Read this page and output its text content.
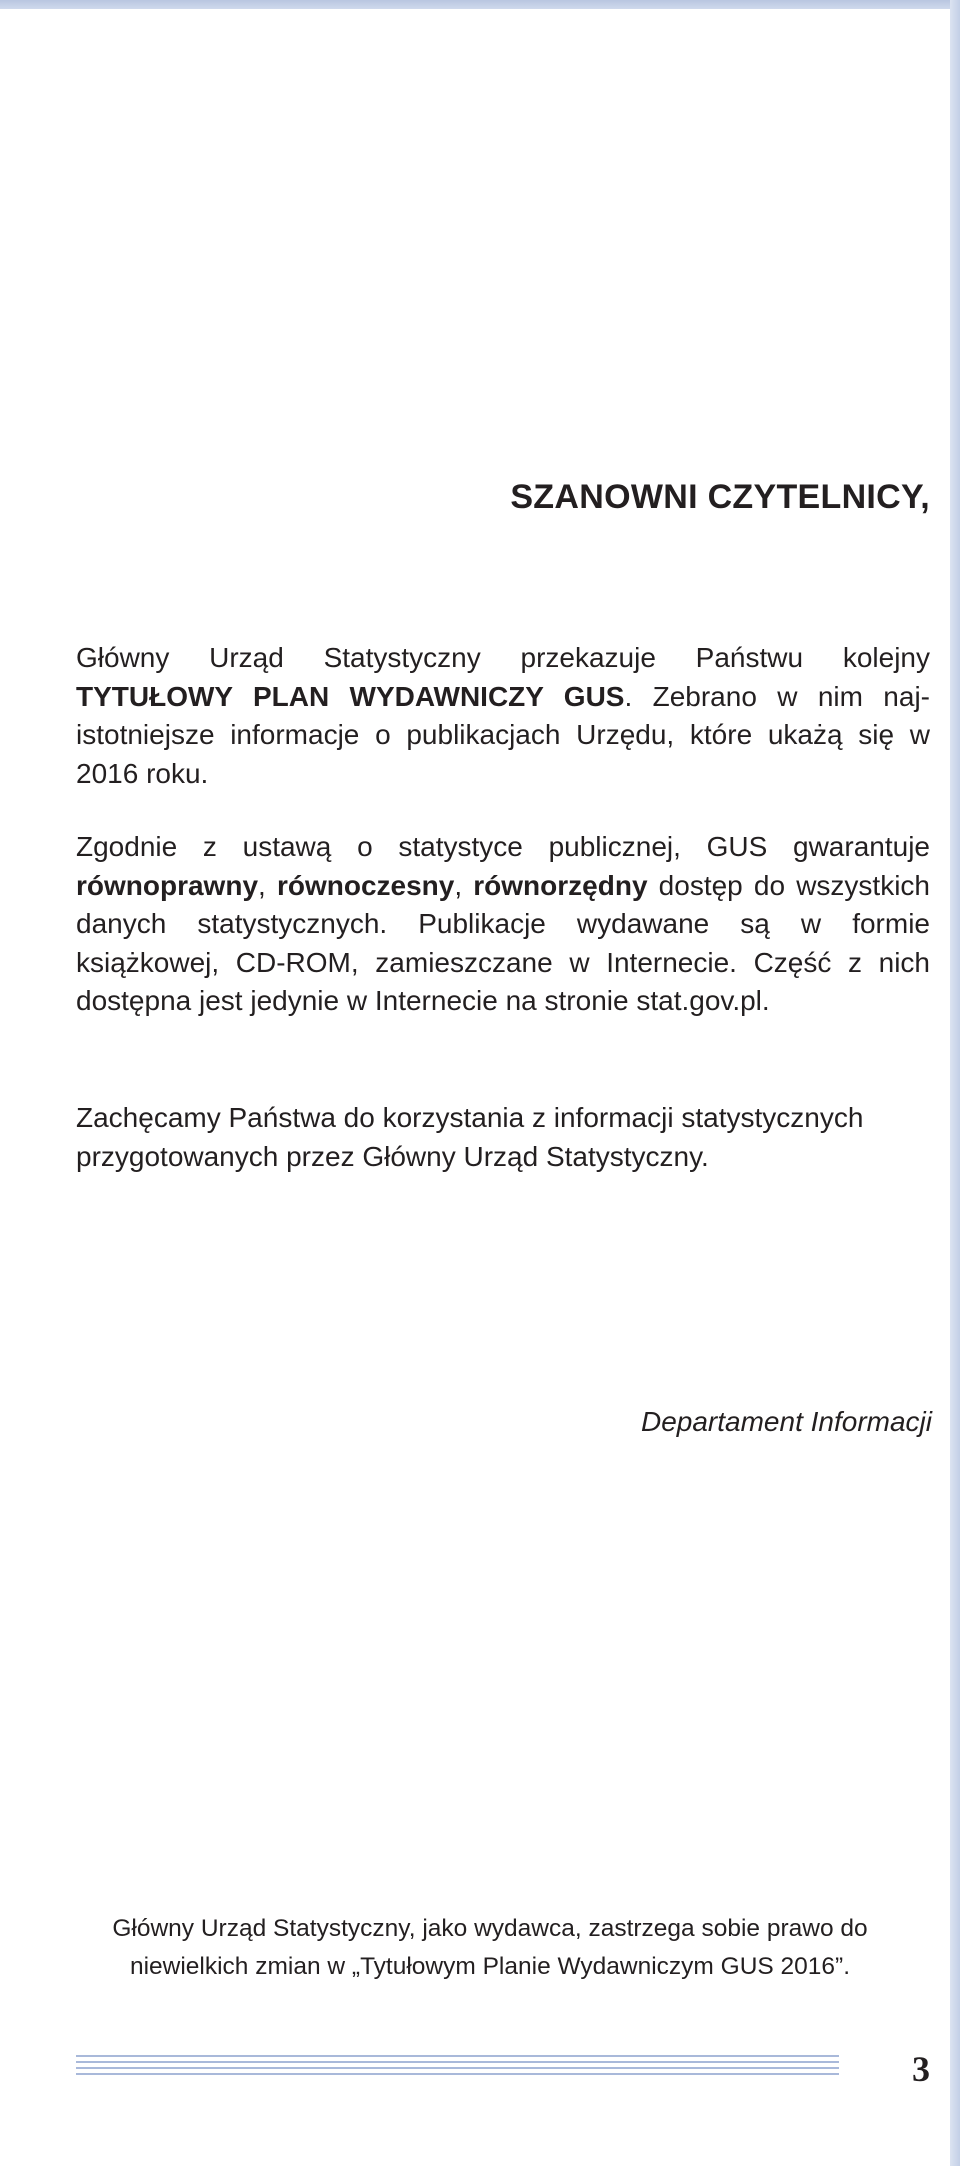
SZANOWNI CZYTELNICY,

Główny Urząd Statystyczny przekazuje Państwu kolejny TYTUŁOWY PLAN WYDAWNICZY GUS. Zebrano w nim najistotniejsze informacje o publikacjach Urzędu, które ukażą się w 2016 roku.

Zgodnie z ustawą o statystyce publicznej, GUS gwarantuje równoprawny, równoczesny, równorzędny dostęp do wszystkich danych statystycznych. Publikacje wydawane są w formie książkowej, CD-ROM, zamieszczane w Internecie. Część z nich dostępna jest jedynie w Internecie na stronie stat.gov.pl.

Zachęcamy Państwa do korzystania z informacji statystycznych przygotowanych przez Główny Urząd Statystyczny.

Departament Informacji

Główny Urząd Statystyczny, jako wydawca, zastrzega sobie prawo do niewielkich zmian w „Tytułowym Planie Wydawniczym GUS 2016”.

3
